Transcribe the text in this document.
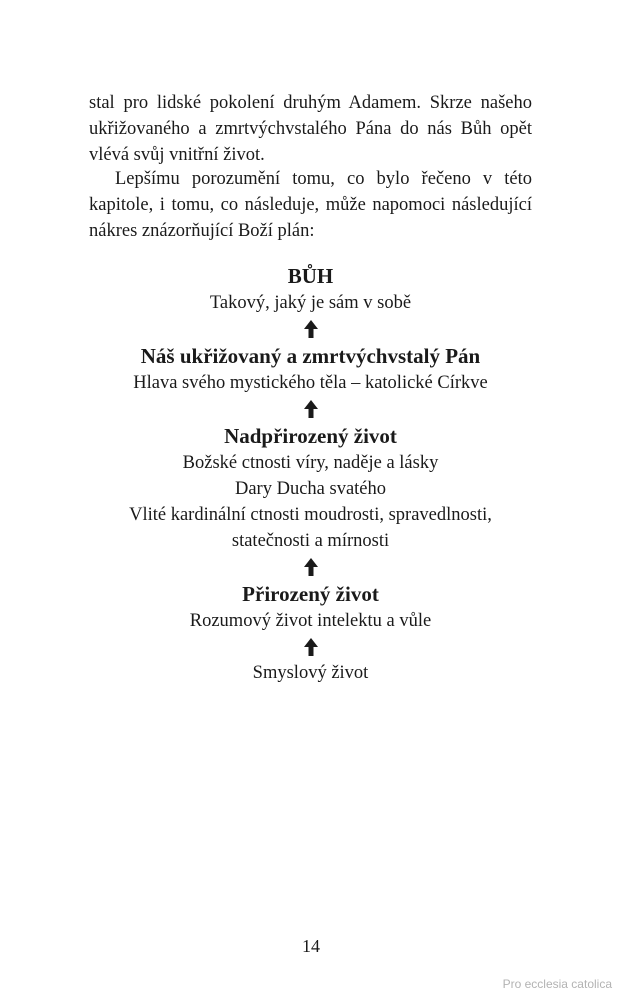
stal pro lidské pokolení druhým Adamem. Skrze našeho ukřižovaného a zmrtvýchvstalého Pána do nás Bůh opět vlévá svůj vnitřní život.

Lepšímu porozumění tomu, co bylo řečeno v této kapitole, i tomu, co následuje, může napomoci následující nákres znázorňující Boží plán:

BŮH
Takový, jaký je sám v sobě
Náš ukřižovaný a zmrtvýchvstalý Pán
Hlava svého mystického těla – katolické Církve
Nadpřirozený život
Božské ctnosti víry, naděje a lásky
Dary Ducha svatého
Vlité kardinální ctnosti moudrosti, spravedlnosti,
statečnosti a mírnosti
Přirozený život
Rozumový život intelektu a vůle
Smyslový život
14
Pro ecclesia catolica
